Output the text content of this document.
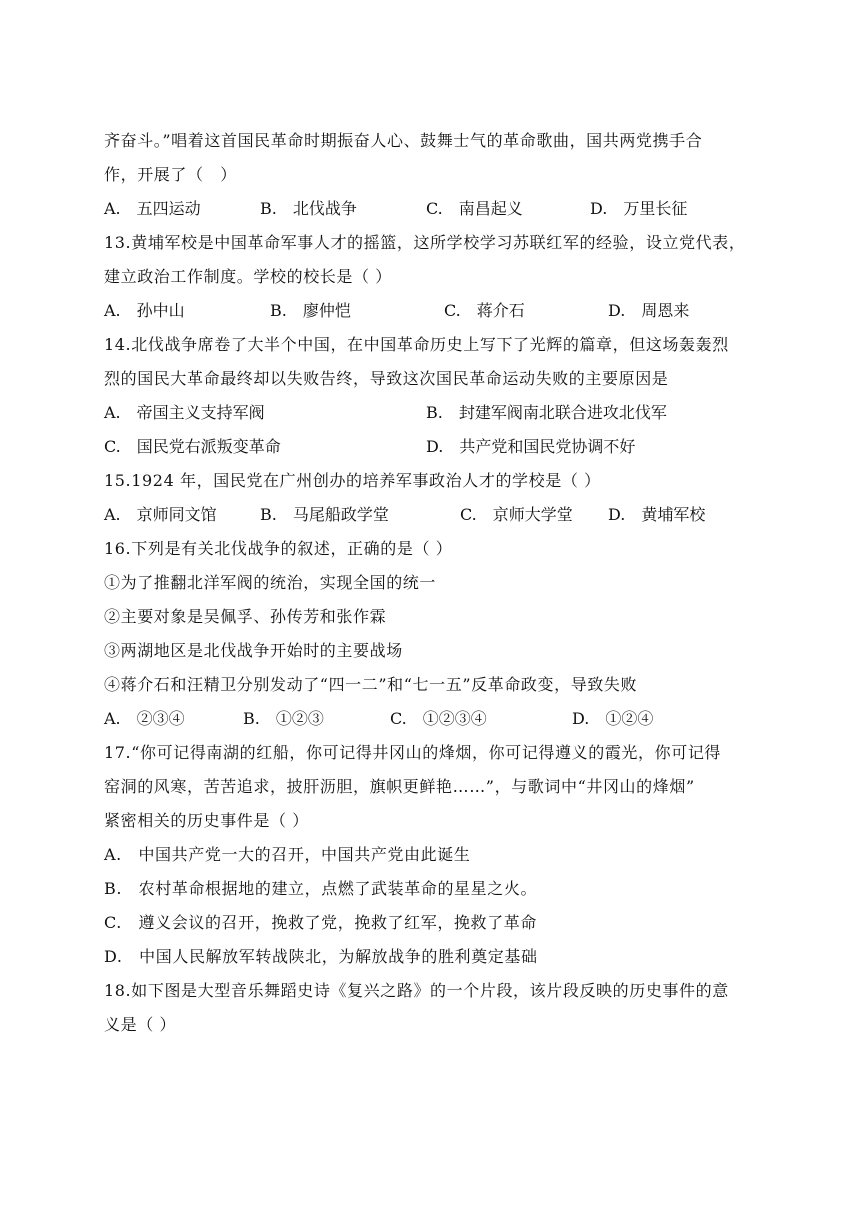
齐奋斗。”唱着这首国民革命时期振奋人心、鼓舞士气的革命歌曲，国共两党携手合
作，开展了（　）
A.　五四运动	B.　北伐战争	C.　南昌起义	D.　万里长征
13.黄埔军校是中国革命军事人才的摇篮，这所学校学习苏联红军的经验，设立党代表，
建立政治工作制度。学校的校长是（ ）
A.　孙中山	B.　廖仲恺	C.　蒋介石	D.　周恩来
14.北伐战争席卷了大半个中国，在中国革命历史上写下了光辉的篇章，但这场轰轰烈
烈的国民大革命最终却以失败告终，导致这次国民革命运动失败的主要原因是
A.　帝国主义支持军阀	B.　封建军阀南北联合进攻北伐军
C.　国民党右派叛变革命	D.　共产党和国民党协调不好
15.1924 年，国民党在广州创办的培养军事政治人才的学校是（ ）
A.　京师同文馆	B.　马尾船政学堂	C.　京师大学堂 D.　黄埔军校
16.下列是有关北伐战争的叙述，正确的是（ ）
①为了推翻北洋军阀的统治，实现全国的统一
②主要对象是吴佩孚、孙传芳和张作霖
③两湖地区是北伐战争开始时的主要战场
④蒋介石和汪精卫分别发动了“四一二”和“七一五”反革命政变，导致失败
A.　②③④	B.　①②③	C.　①②③④	D.　①②④
17.“你可记得南湖的红船，你可记得井冈山的烽烟，你可记得遵义的霞光，你可记得
窑洞的风寒，苦苦追求，披肝沥胆，旗帜更鲜艳……”，与歌词中“井冈山的烽烟”
紧密相关的历史事件是（ ）
A.　中国共产党一大的召开，中国共产党由此诞生
B.　农村革命根据地的建立，点燃了武装革命的星星之火。
C.　遵义会议的召开，挽救了党，挽救了红军，挽救了革命
D.　中国人民解放军转战陕北，为解放战争的胜利奠定基础
18.如下图是大型音乐舞蹈史诗《复兴之路》的一个片段，该片段反映的历史事件的意
义是（ ）
